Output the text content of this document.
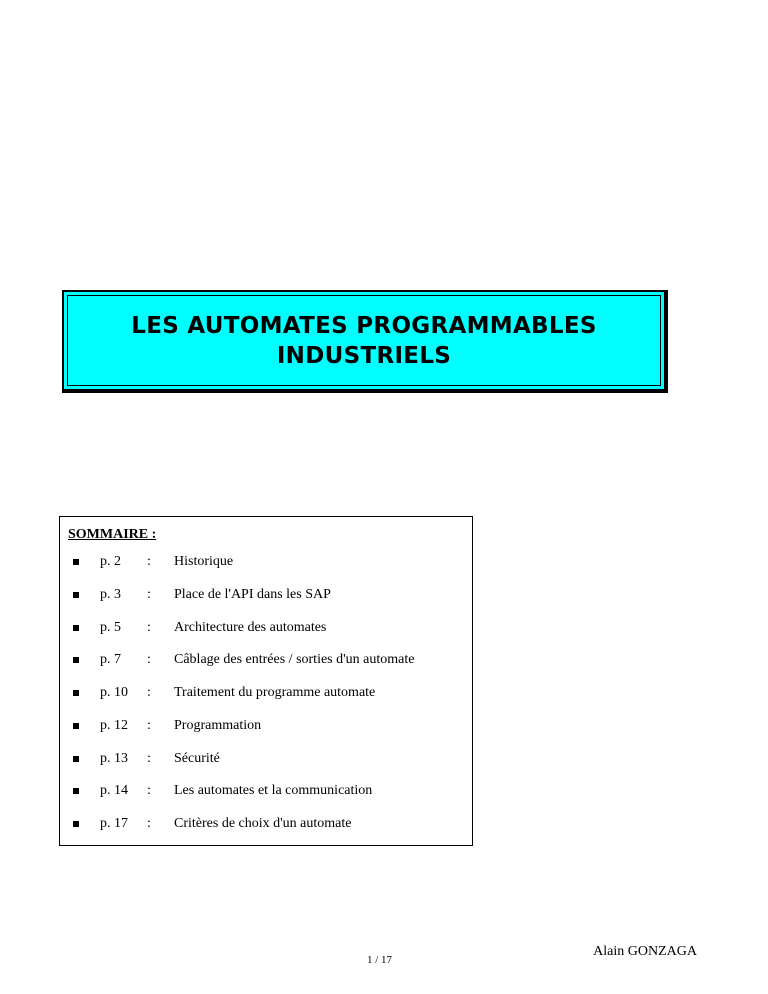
LES AUTOMATES PROGRAMMABLES
INDUSTRIELS
SOMMAIRE :
p. 2 : Historique
p. 3 : Place de l'API dans les SAP
p. 5 : Architecture des automates
p. 7 : Câblage des entrées / sorties d'un automate
p. 10 : Traitement du programme automate
p. 12 : Programmation
p. 13 : Sécurité
p. 14 : Les automates et la communication
p. 17 : Critères de choix d'un automate
1 / 17
Alain GONZAGA
